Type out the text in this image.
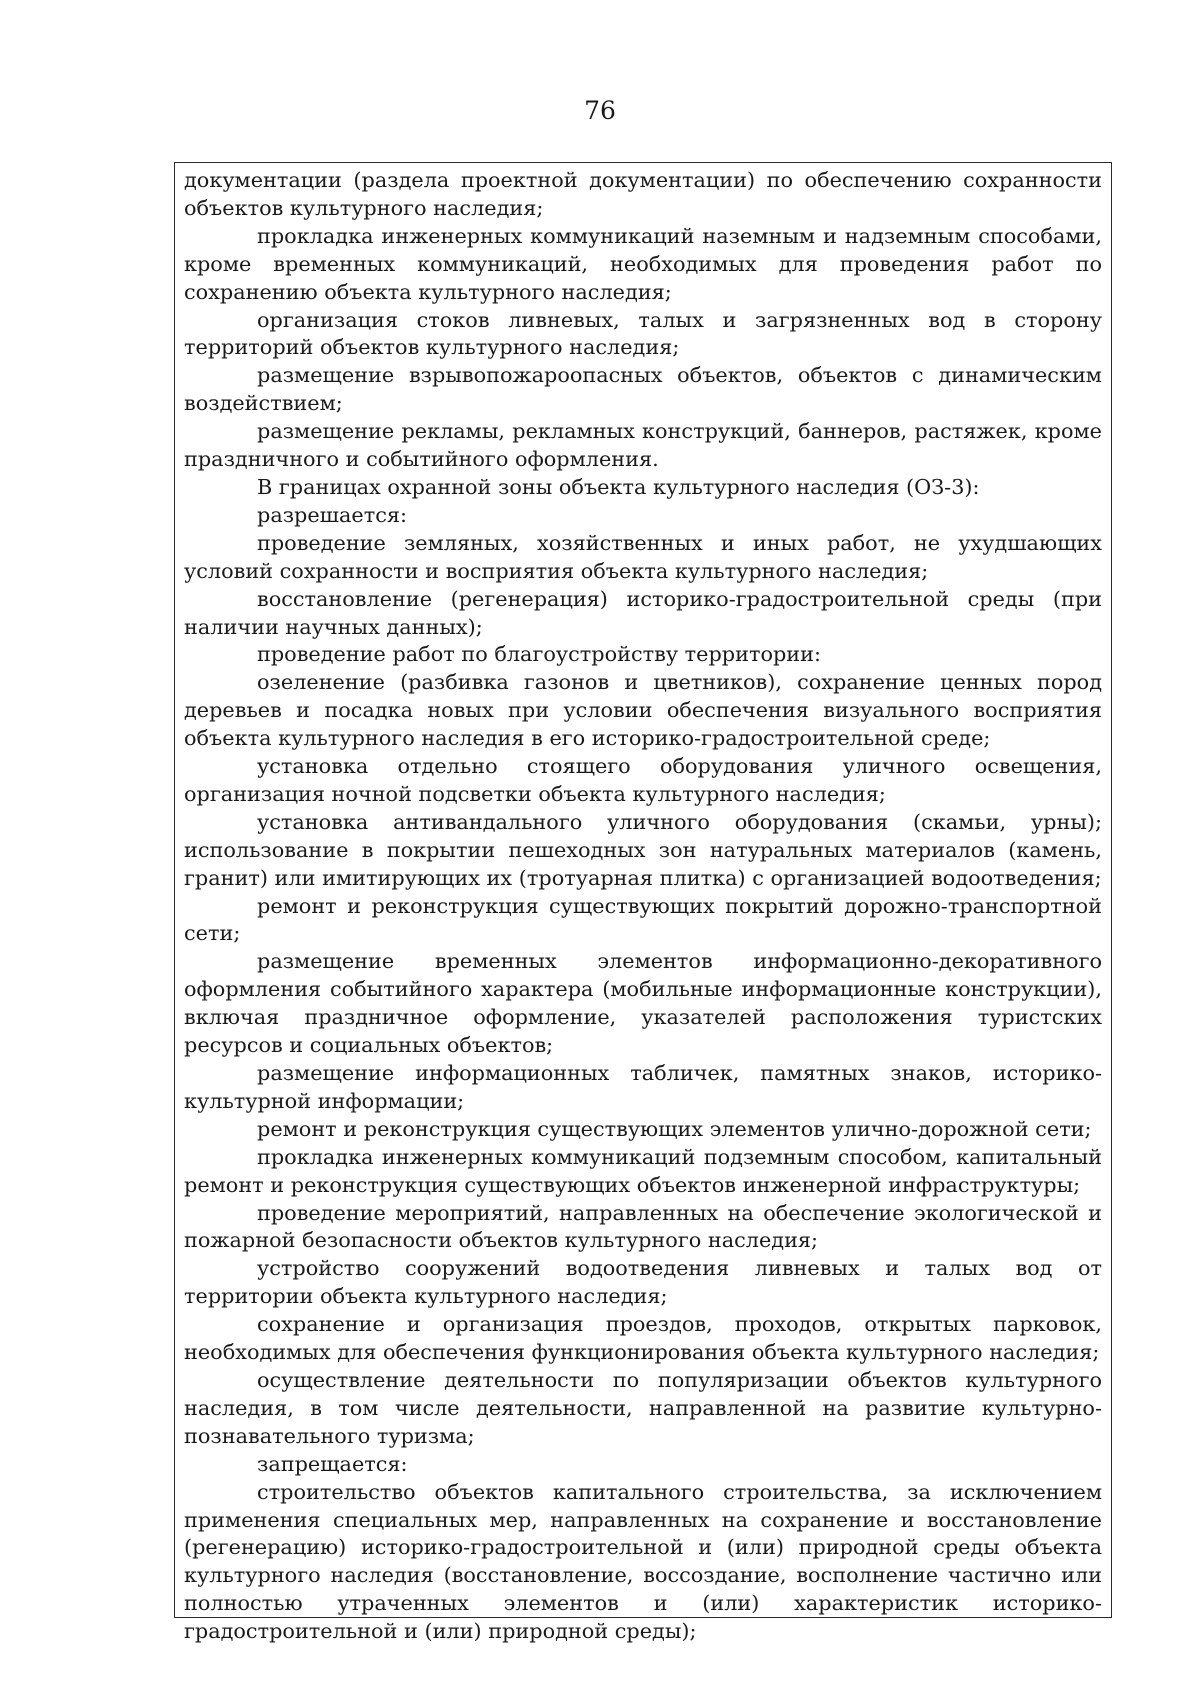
76

документации (раздела проектной документации) по обеспечению сохранности объектов культурного наследия;

прокладка инженерных коммуникаций наземным и надземным способами, кроме временных коммуникаций, необходимых для проведения работ по сохранению объекта культурного наследия;

организация стоков ливневых, талых и загрязненных вод в сторону территорий объектов культурного наследия;

размещение взрывопожароопасных объектов, объектов с динамическим воздействием;

размещение рекламы, рекламных конструкций, баннеров, растяжек, кроме праздничного и событийного оформления.

В границах охранной зоны объекта культурного наследия (ОЗ-3):

разрешается:

проведение земляных, хозяйственных и иных работ, не ухудшающих условий сохранности и восприятия объекта культурного наследия;

восстановление (регенерация) историко-градостроительной среды (при наличии научных данных);

проведение работ по благоустройству территории:

озеленение (разбивка газонов и цветников), сохранение ценных пород деревьев и посадка новых при условии обеспечения визуального восприятия объекта культурного наследия в его историко-градостроительной среде;

установка отдельно стоящего оборудования уличного освещения, организация ночной подсветки объекта культурного наследия;

установка антивандального уличного оборудования (скамьи, урны); использование в покрытии пешеходных зон натуральных материалов (камень, гранит) или имитирующих их (тротуарная плитка) с организацией водоотведения;

ремонт и реконструкция существующих покрытий дорожно-транспортной сети;

размещение временных элементов информационно-декоративного оформления событийного характера (мобильные информационные конструкции), включая праздничное оформление, указателей расположения туристских ресурсов и социальных объектов;

размещение информационных табличек, памятных знаков, историко-культурной информации;

ремонт и реконструкция существующих элементов улично-дорожной сети;

прокладка инженерных коммуникаций подземным способом, капитальный ремонт и реконструкция существующих объектов инженерной инфраструктуры;

проведение мероприятий, направленных на обеспечение экологической и пожарной безопасности объектов культурного наследия;

устройство сооружений водоотведения ливневых и талых вод от территории объекта культурного наследия;

сохранение и организация проездов, проходов, открытых парковок, необходимых для обеспечения функционирования объекта культурного наследия;

осуществление деятельности по популяризации объектов культурного наследия, в том числе деятельности, направленной на развитие культурно-познавательного туризма;

запрещается:

строительство объектов капитального строительства, за исключением применения специальных мер, направленных на сохранение и восстановление (регенерацию) историко-градостроительной и (или) природной среды объекта культурного наследия (восстановление, воссоздание, восполнение частично или полностью утраченных элементов и (или) характеристик историко-градостроительной и (или) природной среды);
